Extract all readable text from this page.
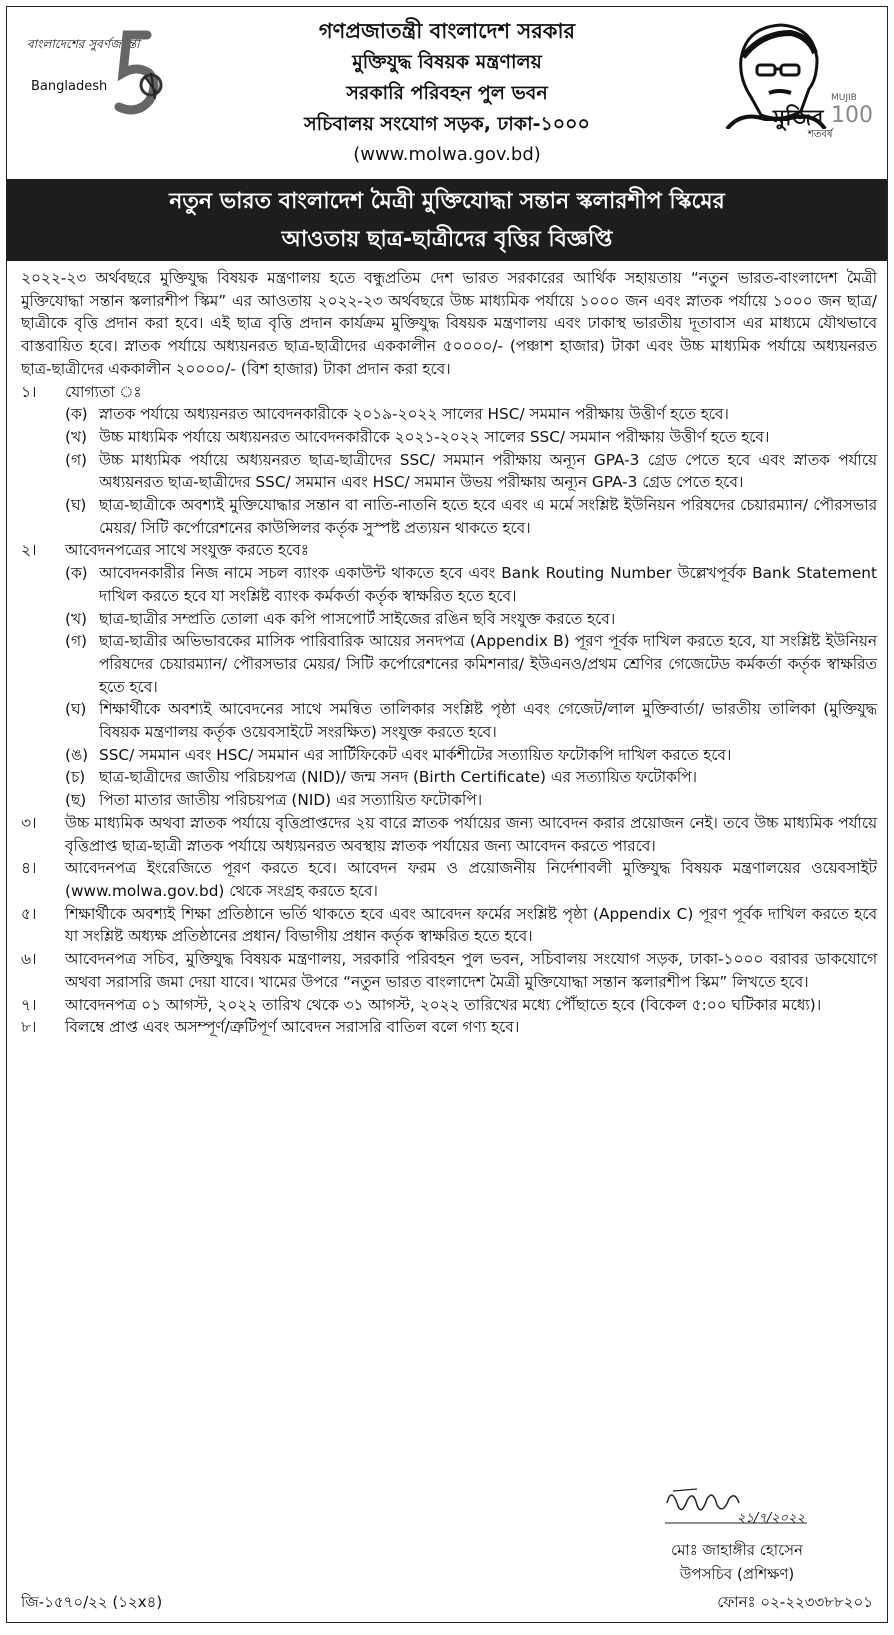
বাংলাদেশের সুবর্ণজয়ন্তী
Bangladesh
গণপ্রজাতন্ত্রী বাংলাদেশ সরকার
মুক্তিযুদ্ধ বিষয়ক মন্ত্রণালয়
সরকারি পরিবহন পুল ভবন
সচিবালয় সংযোগ সড়ক, ঢাকা-১০০০
(www.molwa.gov.bd)
মুজিব
শতবর্ষ
MUJIB
100
নতুন ভারত বাংলাদেশ মৈত্রী মুক্তিযোদ্ধা সন্তান স্কলারশীপ স্কিমের
আওতায় ছাত্র-ছাত্রীদের বৃত্তির বিজ্ঞপ্তি

২০২২-২৩ অর্থবছরে মুক্তিযুদ্ধ বিষয়ক মন্ত্রণালয় হতে বন্ধুপ্রতিম দেশ ভারত সরকারের আর্থিক সহায়তায় “নতুন ভারত-বাংলাদেশ মৈত্রী মুক্তিযোদ্ধা সন্তান স্কলারশীপ স্কিম” এর আওতায় ২০২২-২৩ অর্থবছরে উচ্চ মাধ্যমিক পর্যায়ে ১০০০ জন এবং স্নাতক পর্যায়ে ১০০০ জন ছাত্র/ছাত্রীকে বৃত্তি প্রদান করা হবে। এই ছাত্র বৃত্তি প্রদান কার্যক্রম মুক্তিযুদ্ধ বিষয়ক মন্ত্রণালয় এবং ঢাকাস্থ ভারতীয় দূতাবাস এর মাধ্যমে যৌথভাবে বাস্তবায়িত হবে। স্নাতক পর্যায়ে অধ্যয়নরত ছাত্র-ছাত্রীদের এককালীন ৫০০০০/- (পঞ্চাশ হাজার) টাকা এবং উচ্চ মাধ্যমিক পর্যায়ে অধ্যয়নরত ছাত্র-ছাত্রীদের এককালীন ২০০০০/- (বিশ হাজার) টাকা প্রদান করা হবে।

১।	যোগ্যতা ঃ
(ক) স্নাতক পর্যায়ে অধ্যয়নরত আবেদনকারীকে ২০১৯-২০২২ সালের HSC/ সমমান পরীক্ষায় উত্তীর্ণ হতে হবে।
(খ) উচ্চ মাধ্যমিক পর্যায়ে অধ্যয়নরত আবেদনকারীকে ২০২১-২০২২ সালের SSC/ সমমান পরীক্ষায় উত্তীর্ণ হতে হবে।
(গ) উচ্চ মাধ্যমিক পর্যায়ে অধ্যয়নরত ছাত্র-ছাত্রীদের SSC/ সমমান পরীক্ষায় অন্যূন GPA-3 গ্রেড পেতে হবে এবং স্নাতক পর্যায়ে অধ্যয়নরত ছাত্র-ছাত্রীদের SSC/ সমমান এবং HSC/ সমমান উভয় পরীক্ষায় অন্যূন GPA-3 গ্রেড পেতে হবে।
(ঘ) ছাত্র-ছাত্রীকে অবশ্যই মুক্তিযোদ্ধার সন্তান বা নাতি-নাতনি হতে হবে এবং এ মর্মে সংশ্লিষ্ট ইউনিয়ন পরিষদের চেয়ারম্যান/ পৌরসভার মেয়র/ সিটি কর্পোরেশনের কাউন্সিলর কর্তৃক সুস্পষ্ট প্রত্যয়ন থাকতে হবে।
২।	আবেদনপত্রের সাথে সংযুক্ত করতে হবেঃ
(ক) আবেদনকারীর নিজ নামে সচল ব্যাংক একাউন্ট থাকতে হবে এবং Bank Routing Number উল্লেখপূর্বক Bank Statement দাখিল করতে হবে যা সংশ্লিষ্ট ব্যাংক কর্মকর্তা কর্তৃক স্বাক্ষরিত হতে হবে।
(খ) ছাত্র-ছাত্রীর সম্প্রতি তোলা এক কপি পাসপোর্ট সাইজের রঙিন ছবি সংযুক্ত করতে হবে।
(গ) ছাত্র-ছাত্রীর অভিভাবকের মাসিক পারিবারিক আয়ের সনদপত্র (Appendix B) পূরণ পূর্বক দাখিল করতে হবে, যা সংশ্লিষ্ট ইউনিয়ন পরিষদের চেয়ারম্যান/ পৌরসভার মেয়র/ সিটি কর্পোরেশনের কমিশনার/ ইউএনও/প্রথম শ্রেণির গেজেটেড কর্মকর্তা কর্তৃক স্বাক্ষরিত হতে হবে।
(ঘ) শিক্ষার্থীকে অবশ্যই আবেদনের সাথে সমন্বিত তালিকার সংশ্লিষ্ট পৃষ্ঠা এবং গেজেট/লাল মুক্তিবার্তা/ ভারতীয় তালিকা (মুক্তিযুদ্ধ বিষয়ক মন্ত্রণালয় কর্তৃক ওয়েবসাইটে সংরক্ষিত) সংযুক্ত করতে হবে।
(ঙ) SSC/ সমমান এবং HSC/ সমমান এর সার্টিফিকেট এবং মার্কশীটের সত্যায়িত ফটোকপি দাখিল করতে হবে।
(চ) ছাত্র-ছাত্রীদের জাতীয় পরিচয়পত্র (NID)/ জন্ম সনদ (Birth Certificate) এর সত্যায়িত ফটোকপি।
(ছ) পিতা মাতার জাতীয় পরিচয়পত্র (NID) এর সত্যায়িত ফটোকপি।
৩।	উচ্চ মাধ্যমিক অথবা স্নাতক পর্যায়ে বৃত্তিপ্রাপ্তদের ২য় বারে স্নাতক পর্যায়ের জন্য আবেদন করার প্রয়োজন নেই। তবে উচ্চ মাধ্যমিক পর্যায়ে বৃত্তিপ্রাপ্ত ছাত্র-ছাত্রী স্নাতক পর্যায়ে অধ্যয়নরত অবস্থায় স্নাতক পর্যায়ের জন্য আবেদন করতে পারবে।
৪।	আবেদনপত্র ইংরেজিতে পূরণ করতে হবে। আবেদন ফরম ও প্রয়োজনীয় নির্দেশাবলী মুক্তিযুদ্ধ বিষয়ক মন্ত্রণালয়ের ওয়েবসাইট (www.molwa.gov.bd) থেকে সংগ্রহ করতে হবে।
৫।	শিক্ষার্থীকে অবশ্যই শিক্ষা প্রতিষ্ঠানে ভর্তি থাকতে হবে এবং আবেদন ফর্মের সংশ্লিষ্ট পৃষ্ঠা (Appendix C) পূরণ পূর্বক দাখিল করতে হবে যা সংশ্লিষ্ট অধ্যক্ষ প্রতিষ্ঠানের প্রধান/ বিভাগীয় প্রধান কর্তৃক স্বাক্ষরিত হতে হবে।
৬।	আবেদনপত্র সচিব, মুক্তিযুদ্ধ বিষয়ক মন্ত্রণালয়, সরকারি পরিবহন পুল ভবন, সচিবালয় সংযোগ সড়ক, ঢাকা-১০০০ বরাবর ডাকযোগে অথবা সরাসরি জমা দেয়া যাবে। খামের উপরে “নতুন ভারত বাংলাদেশ মৈত্রী মুক্তিযোদ্ধা সন্তান স্কলারশীপ স্কিম” লিখতে হবে।
৭।	আবেদনপত্র ০১ আগস্ট, ২০২২ তারিখ থেকে ৩১ আগস্ট, ২০২২ তারিখের মধ্যে পৌঁছাতে হবে (বিকেল ৫:০০ ঘটিকার মধ্যে)।
৮।	বিলম্বে প্রাপ্ত এবং অসম্পূর্ণ/ত্রুটিপূর্ণ আবেদন সরাসরি বাতিল বলে গণ্য হবে।
২১/৭/২০২২
মোঃ জাহাঙ্গীর হোসেন
উপসচিব (প্রশিক্ষণ)
জি-১৫৭০/২২ (১২x৪)	ফোনঃ ০২-২২৩৩৮৮২০১
